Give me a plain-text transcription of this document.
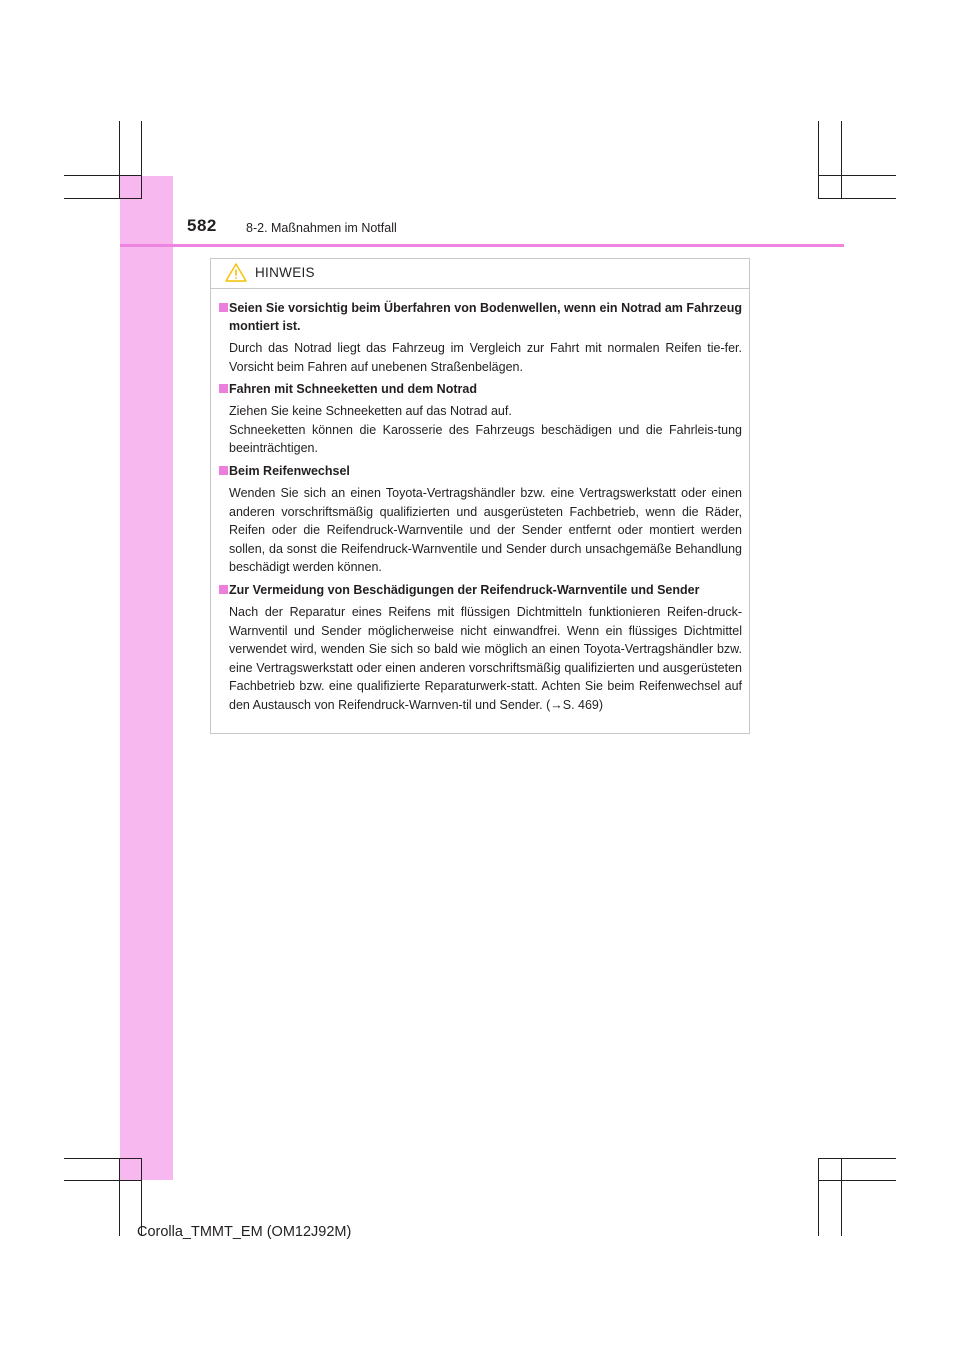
582 8-2. Maßnahmen im Notfall
HINWEIS
Seien Sie vorsichtig beim Überfahren von Bodenwellen, wenn ein Notrad am Fahrzeug montiert ist.

Durch das Notrad liegt das Fahrzeug im Vergleich zur Fahrt mit normalen Reifen tie-fer. Vorsicht beim Fahren auf unebenen Straßenbelägen.

Fahren mit Schneeketten und dem Notrad

Ziehen Sie keine Schneeketten auf das Notrad auf.

Schneeketten können die Karosserie des Fahrzeugs beschädigen und die Fahrleis-tung beeinträchtigen.

Beim Reifenwechsel

Wenden Sie sich an einen Toyota-Vertragshändler bzw. eine Vertragswerkstatt oder einen anderen vorschriftsmäßig qualifizierten und ausgerüsteten Fachbetrieb, wenn die Räder, Reifen oder die Reifendruck-Warnventile und der Sender entfernt oder montiert werden sollen, da sonst die Reifendruck-Warnventile und Sender durch unsachgemäße Behandlung beschädigt werden können.

Zur Vermeidung von Beschädigungen der Reifendruck-Warnventile und Sender

Nach der Reparatur eines Reifens mit flüssigen Dichtmitteln funktionieren Reifen-druck-Warnventil und Sender möglicherweise nicht einwandfrei. Wenn ein flüssiges Dichtmittel verwendet wird, wenden Sie sich so bald wie möglich an einen Toyota-Vertragshändler bzw. eine Vertragswerkstatt oder einen anderen vorschriftsmäßig qualifizierten und ausgerüsteten Fachbetrieb bzw. eine qualifizierte Reparaturwerk-statt. Achten Sie beim Reifenwechsel auf den Austausch von Reifendruck-Warnven-til und Sender. (→S. 469)

Corolla_TMMT_EM (OM12J92M)
